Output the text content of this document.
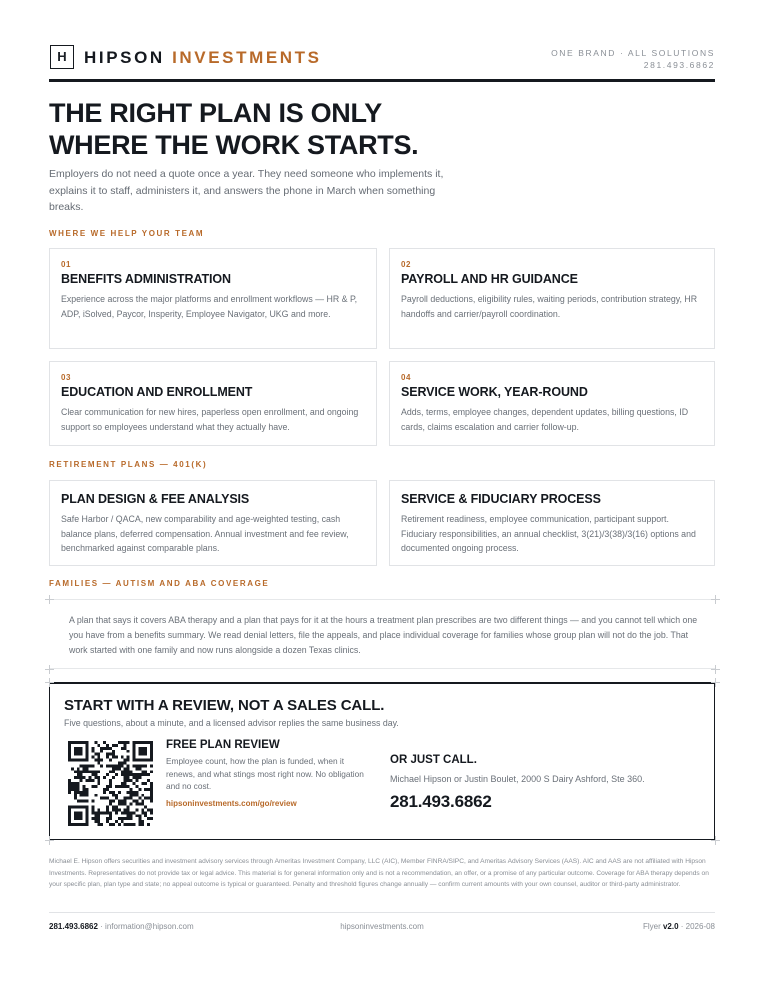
H	HIPSON INVESTMENTS	ONE BRAND · ALL SOLUTIONS
281.493.6862
THE RIGHT PLAN IS ONLY
WHERE THE WORK STARTS.
Employers do not need a quote once a year. They need someone who implements it, explains it to staff, administers it, and answers the phone in March when something breaks.
WHERE WE HELP YOUR TEAM
01
BENEFITS ADMINISTRATION
Experience across the major platforms and enrollment workflows — HR & P, ADP, iSolved, Paycor, Insperity, Employee Navigator, UKG and more.
02
PAYROLL AND HR GUIDANCE
Payroll deductions, eligibility rules, waiting periods, contribution strategy, HR handoffs and carrier/payroll coordination.
03
EDUCATION AND ENROLLMENT
Clear communication for new hires, paperless open enrollment, and ongoing support so employees understand what they actually have.
04
SERVICE WORK, YEAR-ROUND
Adds, terms, employee changes, dependent updates, billing questions, ID cards, claims escalation and carrier follow-up.
RETIREMENT PLANS — 401(K)
PLAN DESIGN & FEE ANALYSIS
Safe Harbor / QACA, new comparability and age-weighted testing, cash balance plans, deferred compensation. Annual investment and fee review, benchmarked against comparable plans.
SERVICE & FIDUCIARY PROCESS
Retirement readiness, employee communication, participant support. Fiduciary responsibilities, an annual checklist, 3(21)/3(38)/3(16) options and documented ongoing process.
FAMILIES — AUTISM AND ABA COVERAGE
A plan that says it covers ABA therapy and a plan that pays for it at the hours a treatment plan prescribes are two different things — and you cannot tell which one you have from a benefits summary. We read denial letters, file the appeals, and place individual coverage for families whose group plan will not do the job. That work started with one family and now runs alongside a dozen Texas clinics.
START WITH A REVIEW, NOT A SALES CALL.
Five questions, about a minute, and a licensed advisor replies the same business day.
FREE PLAN REVIEW
Employee count, how the plan is funded, when it renews, and what stings most right now. No obligation and no cost.
hipsoninvestments.com/go/review
OR JUST CALL.
Michael Hipson or Justin Boulet, 2000 S Dairy Ashford, Ste 360.
281.493.6862
Michael E. Hipson offers securities and investment advisory services through Ameritas Investment Company, LLC (AIC), Member FINRA/SIPC, and Ameritas Advisory Services (AAS). AIC and AAS are not affiliated with Hipson Investments. Representatives do not provide tax or legal advice. This material is for general information only and is not a recommendation, an offer, or a promise of any particular outcome. Coverage for ABA therapy depends on your specific plan, plan type and state; no appeal outcome is typical or guaranteed. Penalty and threshold figures change annually — confirm current amounts with your own counsel, auditor or third-party administrator.
281.493.6862 · information@hipson.com	hipsoninvestments.com	Flyer v2.0 · 2026-08
